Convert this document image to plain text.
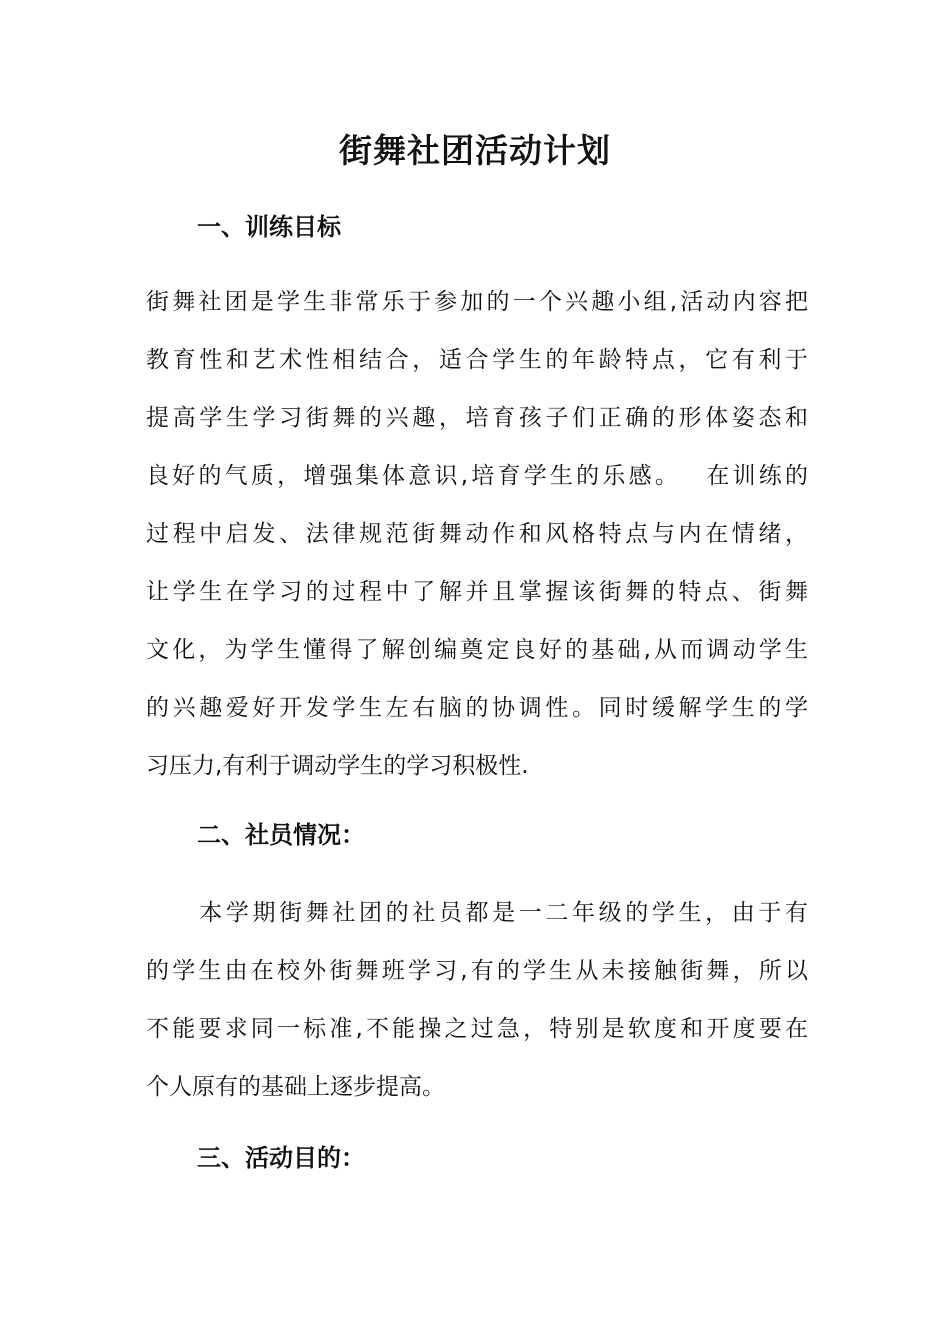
街舞社团活动计划
一、训练目标
街舞社团是学生非常乐于参加的一个兴趣小组,活动内容把
教育性和艺术性相结合，适合学生的年龄特点，它有利于
提高学生学习街舞的兴趣，培育孩子们正确的形体姿态和
良好的气质，增强集体意识,培育学生的乐感。　 在训练的
过程中启发、法律规范街舞动作和风格特点与内在情绪，
让学生在学习的过程中了解并且掌握该街舞的特点、街舞
文化，为学生懂得了解创编奠定良好的基础,从而调动学生
的兴趣爱好开发学生左右脑的协调性。同时缓解学生的学
习压力,有利于调动学生的学习积极性.
二、社员情况：
　　本学期街舞社团的社员都是一二年级的学生，由于有
的学生由在校外街舞班学习,有的学生从未接触街舞，所以
不能要求同一标准,不能操之过急，特别是软度和开度要在
个人原有的基础上逐步提高。
三、活动目的：
